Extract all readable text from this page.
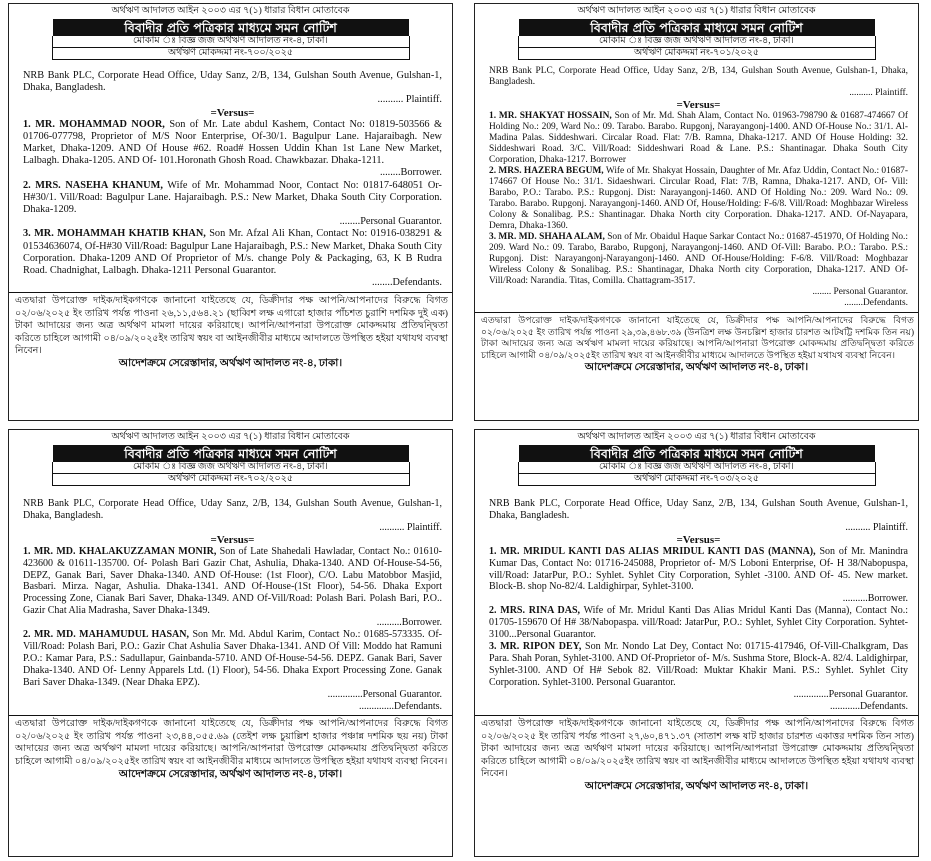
অর্থঋণ আদালত আইন ২০০৩ এর ৭(১) ধারার বিধান মোতাবেক
বিবাদীর প্রতি পত্রিকার মাধ্যমে সমন নোটিশ
মোকাম ঃ বিজ্ঞ জজ অর্থঋণ আদালত নং-৪, ঢাকা।
অর্থঋণ মোকদ্দমা নং-৭০০/২০২৫
NRB Bank PLC, Corporate Head Office, Uday Sanz, 2/B, 134, Gulshan South Avenue, Gulshan-1, Dhaka, Bangladesh.
.......... Plaintiff.
=Versus=

1. MR. MOHAMMAD NOOR, Son of Mr. Late abdul Kashem, Contact No: 01819-503566 & 01706-077798, Proprietor of M/S Noor Enterprise, Of-30/1. Bagulpur Lane. Hajaraibagh. New Market, Dhaka-1209. AND Of House #62. Road# Hossen Uddin Khan 1st Lane New Market, Lalbagh. Dhaka-1205. AND Of- 101.Horonath Ghosh Road. Chawkbazar. Dhaka-1211.

........Borrower.

2. MRS. NASEHA KHANUM, Wife of Mr. Mohammad Noor, Contact No: 01817-648051 Or- H#30/1. Vill/Road: Bagulpur Lane. Hajaraibagh. P.S.: New Market, Dhaka South City Corporation. Dhaka-1209.

........Personal Guarantor.

3. MR. MOHAMMAH KHATIB KHAN, Son Mr. Afzal Ali Khan, Contact No: 01916-038291 & 01534636074, Of-H#30 Vill/Road: Bagulpur Lane Hajaraibagh, P.S.: New Market, Dhaka South City Corporation. Dhaka-1209 AND Of Proprietor of M/s. change Poly & Packaging, 63, K B Rudra Road. Chadnighat, Lalbagh. Dhaka-1211 Personal Guarantor.

........Defendants.
এতদ্বারা উপরোক্ত দাইক/দাইকগণকে জানানো যাইতেছে যে, ডিক্রীদার পক্ষ আপনি/আপনাদের বিরুদ্ধে বিগত ০২/০৬/২০২৫ ইং তারিখ পর্যন্ত পাওনা ২৬,১১,৫৬৪.২১ (ছাব্বিশ লক্ষ এগারো হাজার পাঁচশত চুরাশি দশমিক দুই এক) টাকা আদায়ের জন্য অত্র অর্থঋণ মামলা দায়ের করিয়াছে। আপনি/আপনারা উপরোক্ত মোকদ্দমায় প্রতিদ্বন্দ্বিতা করিতে চাহিলে আগামী ০৪/০৯/২০২৫ইং তারিখ স্বয়ং বা আইনজীবীর মাধ্যমে আদালতে উপস্থিত হইয়া যথাযথ ব্যবস্থা নিবেন।
আদেশক্রমে সেরেস্তাদার, অর্থঋণ আদালত নং-৪, ঢাকা।
অর্থঋণ আদালত আইন ২০০৩ এর ৭(১) ধারার বিধান মোতাবেক
বিবাদীর প্রতি পত্রিকার মাধ্যমে সমন নোটিশ
মোকাম ঃ বিজ্ঞ জজ অর্থঋণ আদালত নং-৪, ঢাকা।
অর্থঋণ মোকদ্দমা নং-৭০১/২০২৫
NRB Bank PLC, Corporate Head Office, Uday Sanz, 2/B, 134, Gulshan South Avenue, Gulshan-1, Dhaka, Bangladesh.
.......... Plaintiff.
=Versus=

1. MR. SHAKYAT HOSSAIN, Son of Mr. Md. Shah Alam, Contact No. 01963-798790 & 01687-474667 Of Holding No.: 209, Ward No.: 09. Tarabo. Barabo. Rupgonj, Narayangonj-1400. AND Of-House No.: 31/1. Al-Madina Palas. Siddeshwari. Circalar Road. Flat: 7/B. Ramna, Dhaka-1217. AND Of House Holding: 32. Siddeshwari Road. 3/C. Vill/Road: Siddeshwari Road & Lane. P.S.: Shantinagar. Dhaka South City Corporation, Dhaka-1217. Borrower

2. MRS. HAZERA BEGUM, Wife of Mr. Shakyat Hossain, Daughter of Mr. Afaz Uddin, Contact No.: 01687-174667 Of House No.: 31/1. Sidaeshwari. Circular Road, Flat: 7/B, Ramna, Dhaka-1217. AND, Of- Vill: Barabo, P.O.: Tarabo. P.S.: Rupgonj. Dist: Narayangonj-1460. AND Of Holding No.: 209. Ward No.: 09. Tarabo. Barabo. Rupgonj. Narayangonj-1460. AND Of, House/Holding: F-6/8. Vill/Road: Moghbazar Wireless Colony & Sonalibag. P.S.: Shantinagar. Dhaka North city Corporation. Dhaka-1217. AND. Of-Nayapara, Demra, Dhaka-1360.

3. MR. MD. SHAHA ALAM, Son of Mr. Obaidul Haque Sarkar Contact No.: 01687-451970, Of Holding No.: 209. Ward No.: 09. Tarabo, Barabo, Rupgonj, Narayangonj-1460. AND Of-Vill: Barabo. P.O.: Tarabo. P.S.: Rupgonj. Dist: Narayangonj-Narayangonj-1460. AND Of-House/Holding: F-6/8. Vill/Road: Moghbazar Wireless Colony & Sonalibag. P.S.: Shantinagar, Dhaka North city Corporation, Dhaka-1217. AND Of-Vill/Road: Narandia. Titas, Comilla. Chattagram-3517.

........ Personal Guarantor.
........Defendants.
এতদ্বারা উপরোক্ত দাইক/দাইকগণকে জানানো যাইতেছে যে, ডিক্রীদার পক্ষ আপনি/আপনাদের বিরুদ্ধে বিগত ০২/০৬/২০২৫ ইং তারিখ পর্যন্ত পাওনা ২৯,৩৯,৪৬৮.৩৯ (উনত্রিশ লক্ষ উনচল্লিশ হাজার চারশত আটষট্টি দশমিক তিন নয়) টাকা আদায়ের জন্য অত্র অর্থঋণ মামলা দায়ের করিয়াছে। আপনি/আপনারা উপরোক্ত মোকদ্দমায় প্রতিদ্বন্দ্বিতা করিতে চাহিলে আগামী ০৪/০৯/২০২৫ইং তারিখ স্বয়ং বা আইনজীবীর মাধ্যমে আদালতে উপস্থিত হইয়া যথাযথ ব্যবস্থা নিবেন।
আদেশক্রমে সেরেস্তাদার, অর্থঋণ আদালত নং-৪, ঢাকা।
অর্থঋণ আদালত আইন ২০০৩ এর ৭(১) ধারার বিধান মোতাবেক
বিবাদীর প্রতি পত্রিকার মাধ্যমে সমন নোটিশ
মোকাম ঃ বিজ্ঞ জজ অর্থঋণ আদালত নং-৪, ঢাকা।
অর্থঋণ মোকদ্দমা নং-৭০২/২০২৫
NRB Bank PLC, Corporate Head Office, Uday Sanz, 2/B, 134, Gulshan South Avenue, Gulshan-1, Dhaka, Bangladesh.
.......... Plaintiff.
=Versus=

1. MR. MD. KHALAKUZZAMAN MONIR, Son of Late Shahedali Hawladar, Contact No.: 01610-423600 & 01611-135700. Of- Polash Bari Gazir Chat, Ashulia, Dhaka-1340. AND Of-House-54-56, DEPZ, Ganak Bari, Saver Dhaka-1340. AND Of-House: (1st Floor), C/O. Labu Matobbor Masjid, Basbari. Mirza. Nagar, Ashulia. Dhaka-1341. AND Of-House-(1St Floor), 54-56. Dhaka Export Processing Zone, Cianak Bari Saver, Dhaka-1349. AND Of-Vill/Road: Polash Bari. Polash Bari, P.O.. Gazir Chat Alia Madrasha, Saver Dhaka-1349.

..........Borrower.

2. MR. MD. MAHAMUDUL HASAN, Son Mr. Md. Abdul Karim, Contact No.: 01685-573335. Of-Vill/Road: Polash Bari, P.O.: Gazir Chat Ashulia Saver Dhaka-1341. AND Of Vill: Moddo hat Ramuni P.O.: Kamar Para, P.S.: Sadullapur, Gainbanda-5710. AND Of-House-54-56. DEPZ. Ganak Bari, Saver Dhaka-1340. AND Of- Lenny Apparels Ltd. (1) Floor), 54-56. Dhaka Export Processing Zone. Ganak Bari Saver Dhaka-1349. (Near Dhaka EPZ).

..............Personal Guarantor.
..............Defendants.
এতদ্বারা উপরোক্ত দাইক/দাইকগণকে জানানো যাইতেছে যে, ডিক্রীদার পক্ষ আপনি/আপনাদের বিরুদ্ধে বিগত ০২/০৬/২০২৫ ইং তারিখ পর্যন্ত পাওনা ২৩,৪৪,০৫৫.৬৯ (তেইশ লক্ষ চুয়াল্লিশ হাজার পঞ্চান্ন দশমিক ছয় নয়) টাকা আদায়ের জন্য অত্র অর্থঋণ মামলা দায়ের করিয়াছে। আপনি/আপনারা উপরোক্ত মোকদ্দমায় প্রতিদ্বন্দ্বিতা করিতে চাহিলে আগামী ০৪/০৯/২০২৫ইং তারিখ স্বয়ং বা আইনজীবীর মাধ্যমে আদালতে উপস্থিত হইয়া যথাযথ ব্যবস্থা নিবেন।
আদেশক্রমে সেরেস্তাদার, অর্থঋণ আদালত নং-৪, ঢাকা।
অর্থঋণ আদালত আইন ২০০৩ এর ৭(১) ধারার বিধান মোতাবেক
বিবাদীর প্রতি পত্রিকার মাধ্যমে সমন নোটিশ
মোকাম ঃ বিজ্ঞ জজ অর্থঋণ আদালত নং-৪, ঢাকা।
অর্থঋণ মোকদ্দমা নং-৭০৩/২০২৫
NRB Bank PLC, Corporate Head Office, Uday Sanz, 2/B, 134, Gulshan South Avenue, Gulshan-1, Dhaka, Bangladesh.
.......... Plaintiff.
=Versus=

1. MR. MRIDUL KANTI DAS ALIAS MRIDUL KANTI DAS (MANNA), Son of Mr. Manindra Kumar Das, Contact No: 01716-245088, Proprietor of- M/S Loboni Enterprise, Of- H 38/Nabopuspa, vill/Road: JatarPur, P.O.: Syhlet. Syhlet City Corporation, Syhlet -3100. AND Of- 45. New market. Block-B. shop No-82/4. Laldighirpar, Syhlet-3100.

..........Borrower.

2. MRS. RINA DAS, Wife of Mr. Mridul Kanti Das Alias Mridul Kanti Das (Manna), Contact No.: 01705-159670 Of H# 38/Nabopaspa. vill/Road: JatarPur, P.O.: Syhlet, Syhlet City Corporation. Syhtet-3100...Personal Guarantor.

3. MR. RIPON DEY, Son Mr. Nondo Lat Dey, Contact No: 01715-417946, Of-Vill-Chalkgram, Das Para. Shah Poran, Syhlet-3100. AND Of-Proprietor of- M/s. Sushma Store, Block-A. 82/4. Laldighirpar, Syhlet-3100. AND Of H# Sebok 82. Vill/Road: Muktar Khakir Mani. P.S.: Syhlet. Syhlet City Corporation. Syhlet-3100. Personal Guarantor.

..............Personal Guarantor.
............Defendants.
এতদ্বারা উপরোক্ত দাইক/দাইকগণকে জানানো যাইতেছে যে, ডিক্রীদার পক্ষ আপনি/আপনাদের বিরুদ্ধে বিগত ০২/০৬/২০২৫ ইং তারিখ পর্যন্ত পাওনা ২৭,৬০,৪৭১.৩৭ (সাতাশ লক্ষ ষাট হাজার চারশত একাত্তর দশমিক তিন সাত) টাকা আদায়ের জন্য অত্র অর্থঋণ মামলা দায়ের করিয়াছে। আপনি/আপনারা উপরোক্ত মোকদ্দমায় প্রতিদ্বন্দ্বিতা করিতে চাহিলে আগামী ০৪/০৯/২০২৫ইং তারিখ স্বয়ং বা আইনজীবীর মাধ্যমে আদালতে উপস্থিত হইয়া যথাযথ ব্যবস্থা নিবেন।
আদেশক্রমে সেরেস্তাদার, অর্থঋণ আদালত নং-৪, ঢাকা।
